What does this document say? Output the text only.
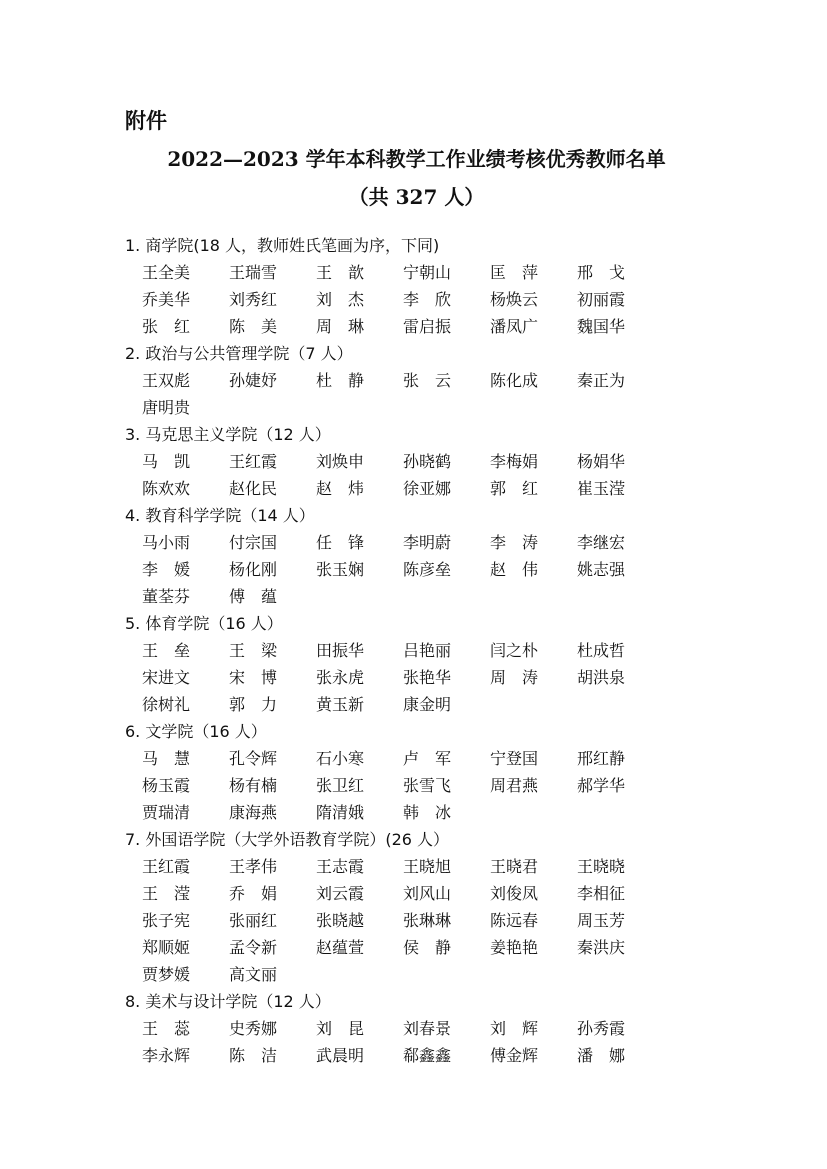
附件
2022—2023 学年本科教学工作业绩考核优秀教师名单
（共 327 人）
1. 商学院(18 人，教师姓氏笔画为序，下同)
王全美	王瑞雪	王　歆	宁朝山	匡　萍	邢　戈
乔美华	刘秀红	刘　杰	李　欣	杨焕云	初丽霞
张　红	陈　美	周　琳	雷启振	潘凤广	魏国华
2. 政治与公共管理学院（7 人）
王双彪	孙婕妤	杜　静	张　云	陈化成	秦正为
唐明贵
3. 马克思主义学院（12 人）
马　凯	王红霞	刘焕申	孙晓鹤	李梅娟	杨娟华
陈欢欢	赵化民	赵　炜	徐亚娜	郭　红	崔玉滢
4. 教育科学学院（14 人）
马小雨	付宗国	任　锋	李明蔚	李　涛	李继宏
李　媛	杨化刚	张玉娴	陈彦垒	赵　伟	姚志强
董荃芬	傅　蕴
5. 体育学院（16 人）
王　垒	王　梁	田振华	吕艳丽	闫之朴	杜成哲
宋进文	宋　博	张永虎	张艳华	周　涛	胡洪泉
徐树礼	郭　力	黄玉新	康金明
6. 文学院（16 人）
马　慧	孔令辉	石小寒	卢　军	宁登国	邢红静
杨玉霞	杨有楠	张卫红	张雪飞	周君燕	郝学华
贾瑞清	康海燕	隋清娥	韩　冰
7. 外国语学院（大学外语教育学院）(26 人）
王红霞	王孝伟	王志霞	王晓旭	王晓君	王晓晓
王　滢	乔　娟	刘云霞	刘风山	刘俊凤	李相征
张子宪	张丽红	张晓越	张琳琳	陈远春	周玉芳
郑顺姬	孟令新	赵蕴萱	侯　静	姜艳艳	秦洪庆
贾梦媛	高文丽
8. 美术与设计学院（12 人）
王　蕊	史秀娜	刘　昆	刘春景	刘　辉	孙秀霞
李永辉	陈　洁	武晨明	郗鑫鑫	傅金辉	潘　娜
